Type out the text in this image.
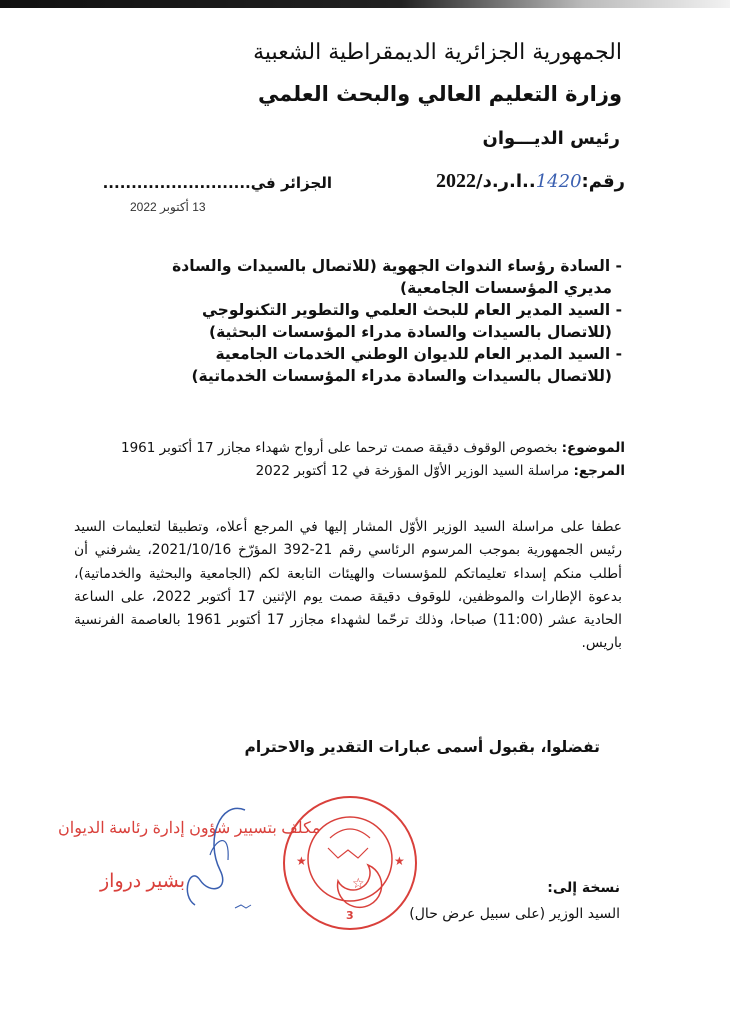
الجمهورية الجزائرية الديمقراطية الشعبية
وزارة التعليم العالي والبحث العلمي
رئيس الديـــوان
رقم:1420..ا.ر.د/2022
الجزائر في..........................
13 أكتوبر 2022
- السادة رؤساء الندوات الجهوية (للاتصال بالسيدات والسادة
مديري المؤسسات الجامعية)
- السيد المدير العام للبحث العلمي والتطوير التكنولوجي
(للاتصال بالسيدات والسادة مدراء المؤسسات البحثية)
- السيد المدير العام للديوان الوطني الخدمات الجامعية
(للاتصال بالسيدات والسادة مدراء المؤسسات الخدماتية)
الموضوع: بخصوص الوقوف دقيقة صمت ترحما على أرواح شهداء مجازر 17 أكتوبر 1961
المرجع: مراسلة السيد الوزير الأوّل المؤرخة في 12 أكتوبر 2022

عطفا على مراسلة السيد الوزير الأوّل المشار إليها في المرجع أعلاه، وتطبيقا لتعليمات السيد رئيس الجمهورية بموجب المرسوم الرئاسي رقم 21-392 المؤرّخ 2021/10/16، يشرفني أن أطلب منكم إسداء تعليماتكم للمؤسسات والهيئات التابعة لكم (الجامعية والبحثية والخدماتية)، بدعوة الإطارات والموظفين، للوقوف دقيقة صمت يوم الإثنين 17 أكتوبر 2022، على الساعة الحادية عشر (11:00) صباحا، وذلك ترحّما لشهداء مجازر 17 أكتوبر 1961 بالعاصمة الفرنسية باريس.

تفضلوا، بقبول أسمى عبارات التقدير والاحترام
مكلف بتسيير شؤون إدارة رئاسة الديوان
بشير درواز
★	★
☆
3
نسخة إلى:
السيد الوزير (على سبيل عرض حال)
